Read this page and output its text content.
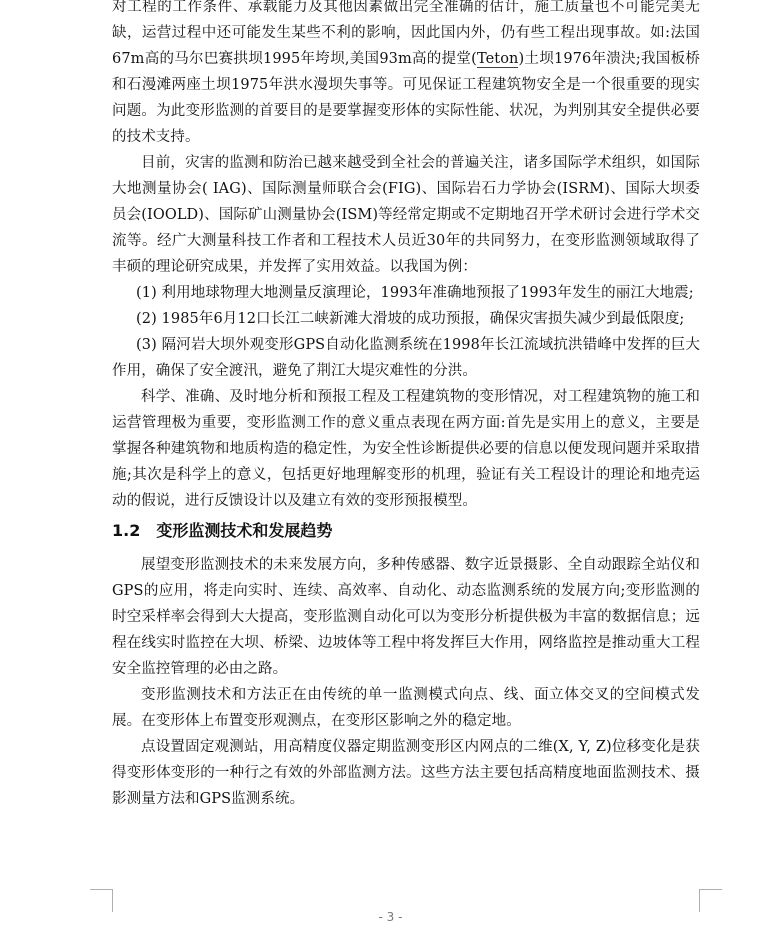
对工程的工作条件、承载能力及其他因素做出完全准确的估计，施工质量也不可能完美无缺，运营过程中还可能发生某些不利的影响，因此国内外，仍有些工程出现事故。如:法国67m高的马尔巴赛拱坝1995年垮坝,美国93m高的提堂(Teton)土坝1976年溃決;我国板桥和石漫滩两座土坝1975年洪水漫坝失事等。可见保证工程建筑物安全是一个很重要的现实问题。为此变形监测的首要目的是要掌握变形体的实际性能、状况，为判别其安全提供必要的技术支持。

目前，灾害的监测和防治已越来越受到全社会的普遍关注，诸多国际学术组织，如国际大地测量协会( IAG)、国际测量师联合会(FIG)、国际岩石力学协会(ISRM)、国际大坝委员会(IOOLD)、国际矿山测量协会(ISM)等经常定期或不定期地召开学术研讨会进行学术交流等。经广大测量科技工作者和工程技术人员近30年的共同努力，在变形监测领域取得了丰硕的理论研究成果，并发挥了实用效益。以我国为例：

(1) 利用地球物理大地测量反演理论，1993年准确地预报了1993年发生的丽江大地震;

(2) 1985年6月12口长江二峡新滩大滑坡的成功预报，确保灾害损失减少到最低限度;

(3) 隔河岩大坝外观变形GPS自动化监测系统在1998年长江流域抗洪错峰中发挥的巨大作用，确保了安全渡汛，避免了荆江大堤灾难性的分洪。

科学、准确、及时地分析和预报工程及工程建筑物的变形情况，对工程建筑物的施工和运营管理极为重要，变形监测工作的意义重点表现在两方面:首先是实用上的意义，主要是掌握各种建筑物和地质构造的稳定性，为安全性诊断提供必要的信息以便发现问题并采取措施;其次是科学上的意义，包括更好地理解变形的机理，验证有关工程设计的理论和地壳运动的假说，进行反馈设计以及建立有效的变形预报模型。

1.2 变形监测技术和发展趋势

展望变形监测技术的未来发展方向，多种传感器、数字近景摄影、全自动跟踪全站仪和GPS的应用，将走向实时、连续、高效率、自动化、动态监测系统的发展方向;变形监测的时空采样率会得到大大提高，变形监测自动化可以为变形分析提供极为丰富的数据信息；远程在线实时监控在大坝、桥梁、边坡体等工程中将发挥巨大作用，网络监控是推动重大工程安全监控管理的必由之路。

变形监测技术和方法正在由传统的单一监测模式向点、线、面立体交叉的空间模式发展。在变形体上布置变形观测点，在变形区影响之外的稳定地。

点设置固定观测站，用高精度仪器定期监测变形区内网点的二维(X, Y, Z)位移变化是获得变形体变形的一种行之有效的外部监测方法。这些方法主要包括高精度地面监测技术、摄影测量方法和GPS监测系统。

- 3 -
